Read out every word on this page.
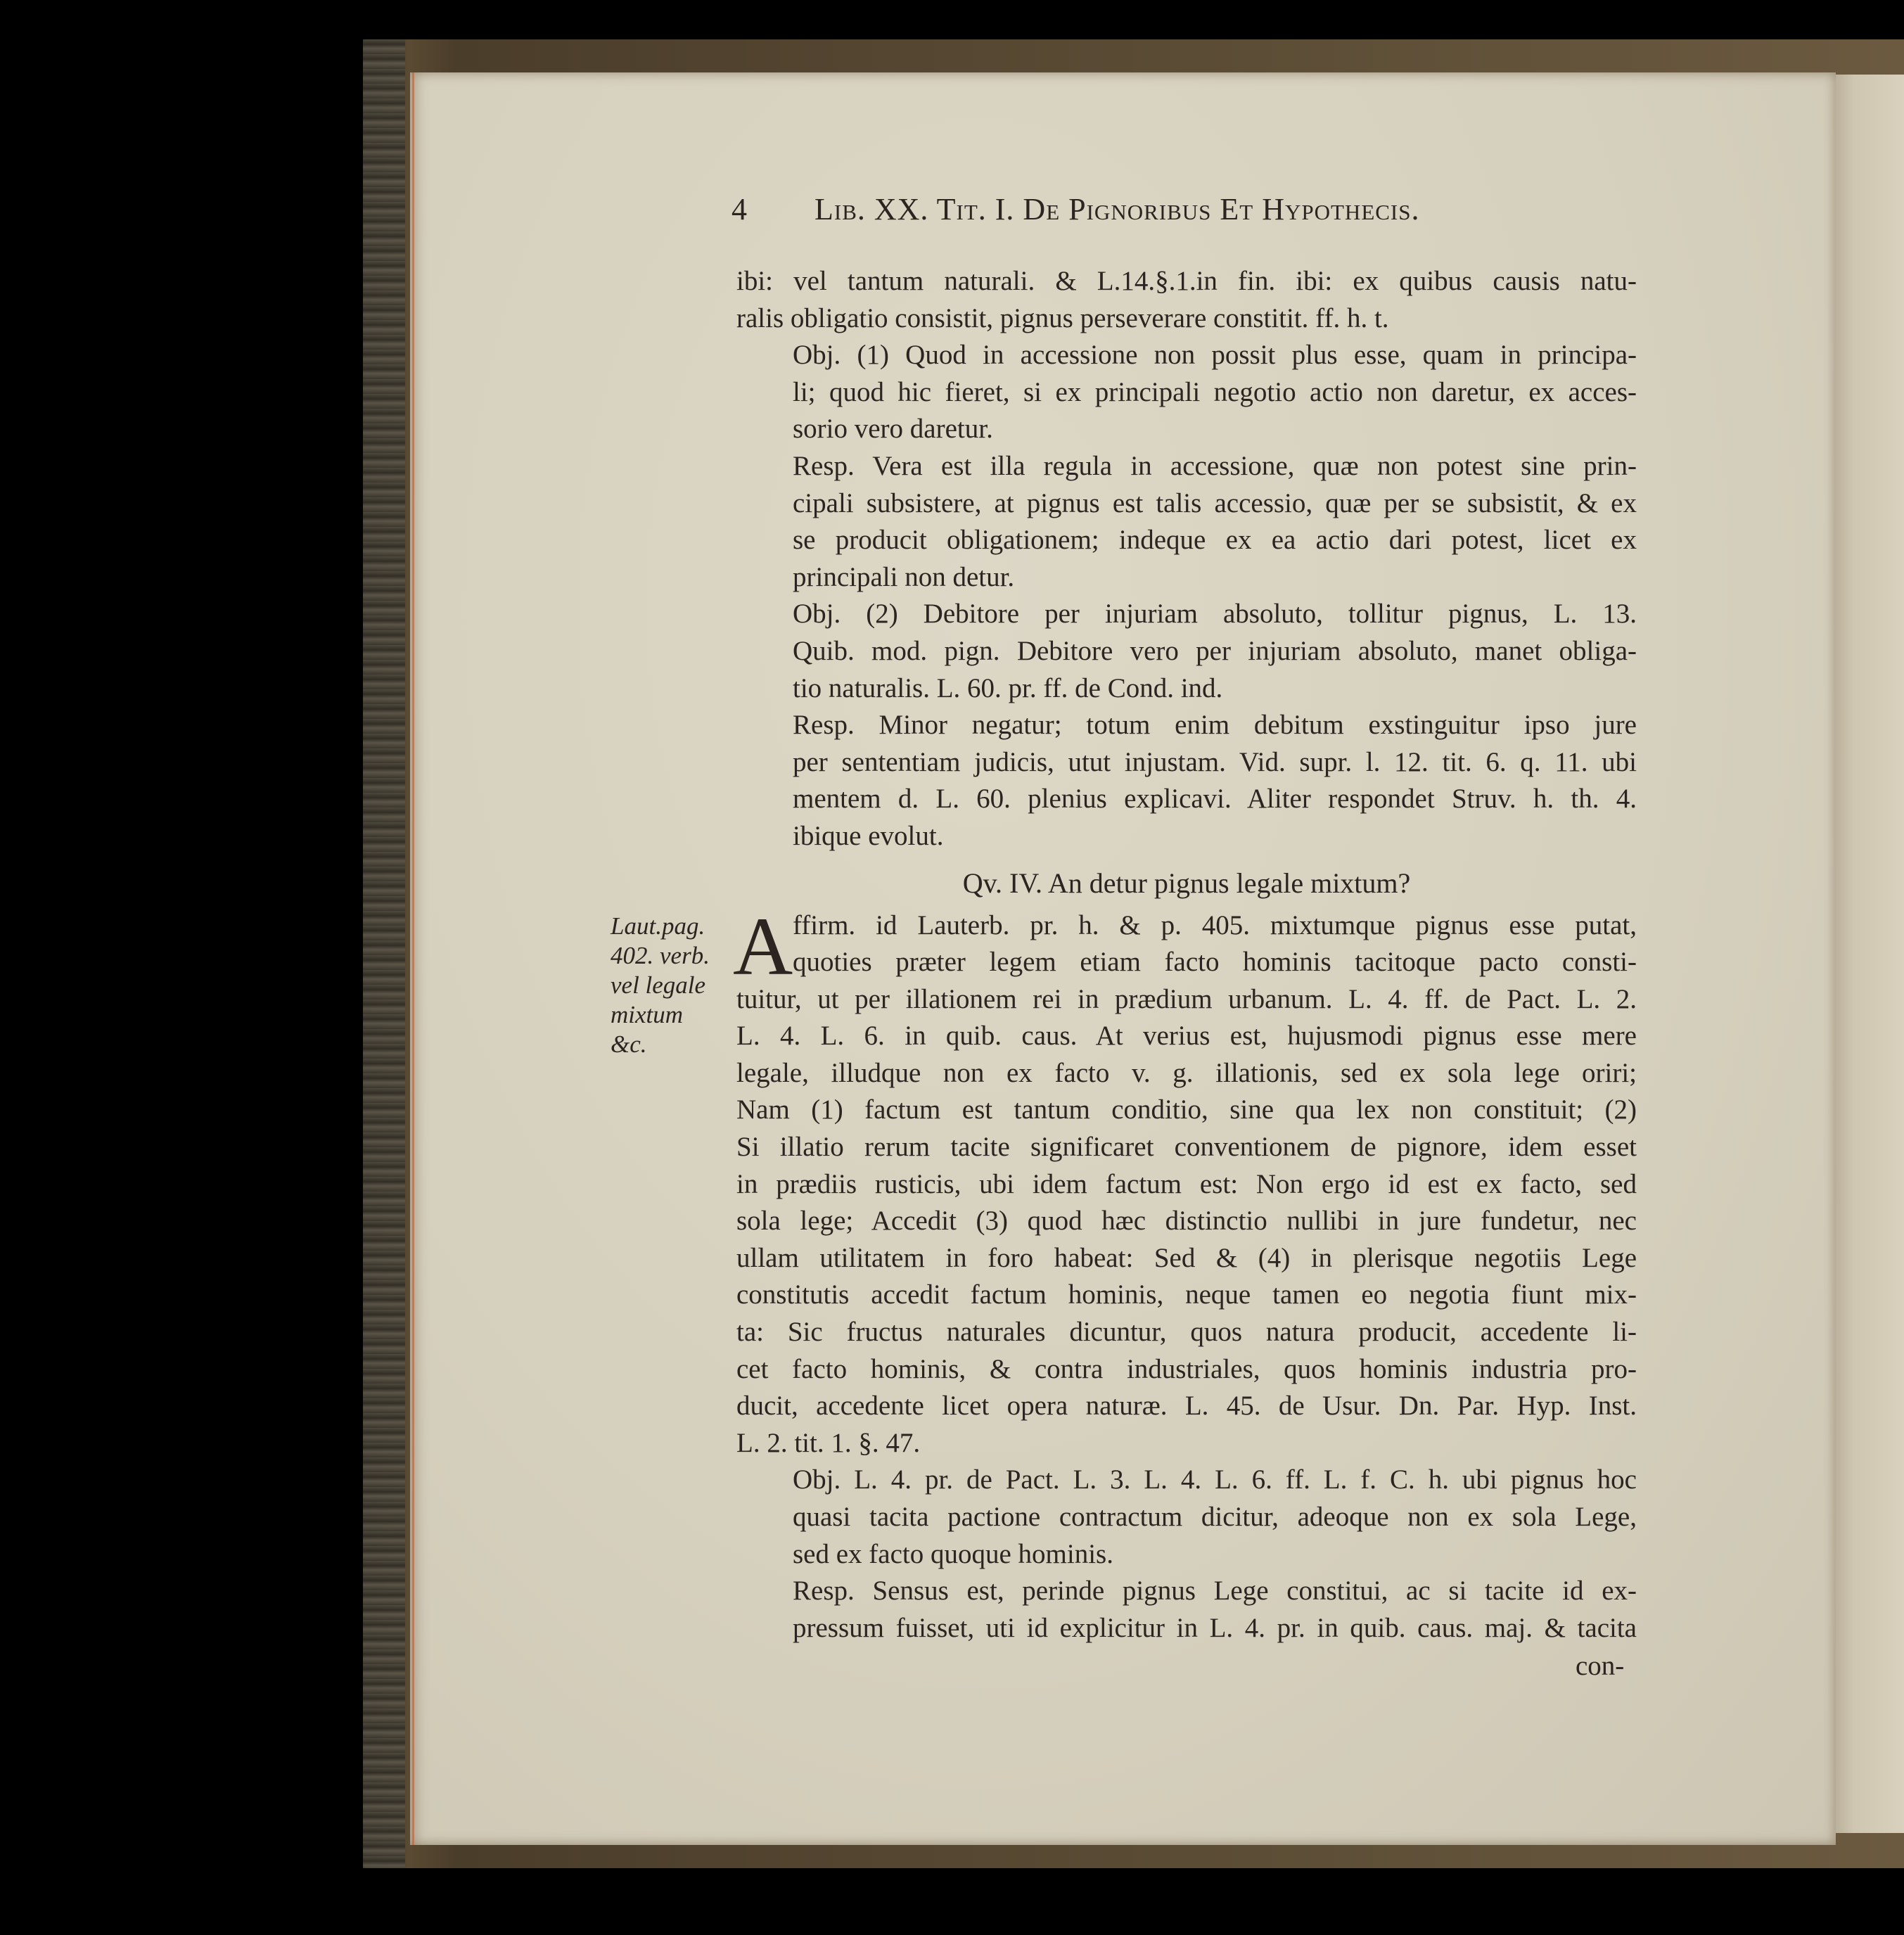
4 Lib. XX. Tit. I. De Pignoribus Et Hypothecis.

ibi: vel tantum naturali. & L.14.§.1.in fin. ibi: ex quibus causis natu-
ralis obligatio consistit, pignus perseverare constitit. ff. h. t.

Obj. (1) Quod in accessione non possit plus esse, quam in principa-
li; quod hic fieret, si ex principali negotio actio non daretur, ex acces-
sorio vero daretur.

Resp. Vera est illa regula in accessione, quæ non potest sine prin-
cipali subsistere, at pignus est talis accessio, quæ per se subsistit, & ex
se producit obligationem; indeque ex ea actio dari potest, licet ex
principali non detur.

Obj. (2) Debitore per injuriam absoluto, tollitur pignus, L. 13.
Quib. mod. pign. Debitore vero per injuriam absoluto, manet obliga-
tio naturalis. L. 60. pr. ff. de Cond. ind.

Resp. Minor negatur; totum enim debitum exstinguitur ipso jure
per sententiam judicis, utut injustam. Vid. supr. l. 12. tit. 6. q. 11. ubi
mentem d. L. 60. plenius explicavi. Aliter respondet Struv. h. th. 4.
ibique evolut.

Qv. IV. An detur pignus legale mixtum?

ffirm. id Lauterb. pr. h. & p. 405. mixtumque pignus esse putat,
quoties præter legem etiam facto hominis tacitoque pacto consti-

tuitur, ut per illationem rei in prædium urbanum. L. 4. ff. de Pact. L. 2.
L. 4. L. 6. in quib. caus. At verius est, hujusmodi pignus esse mere
legale, illudque non ex facto v. g. illationis, sed ex sola lege oriri;
Nam (1) factum est tantum conditio, sine qua lex non constituit; (2)
Si illatio rerum tacite significaret conventionem de pignore, idem esset
in prædiis rusticis, ubi idem factum est: Non ergo id est ex facto, sed
sola lege; Accedit (3) quod hæc distinctio nullibi in jure fundetur, nec
ullam utilitatem in foro habeat: Sed & (4) in plerisque negotiis Lege
constitutis accedit factum hominis, neque tamen eo negotia fiunt mix-
ta: Sic fructus naturales dicuntur, quos natura producit, accedente li-
cet facto hominis, & contra industriales, quos hominis industria pro-
ducit, accedente licet opera naturæ. L. 45. de Usur. Dn. Par. Hyp. Inst.
L. 2. tit. 1. §. 47.

Obj. L. 4. pr. de Pact. L. 3. L. 4. L. 6. ff. L. f. C. h. ubi pignus hoc
quasi tacita pactione contractum dicitur, adeoque non ex sola Lege,
sed ex facto quoque hominis.

Resp. Sensus est, perinde pignus Lege constitui, ac si tacite id ex-
pressum fuisset, uti id explicitur in L. 4. pr. in quib. caus. maj. & tacita

A
Laut.pag.
402. verb.
vel legale
mixtum
&c.
con-
